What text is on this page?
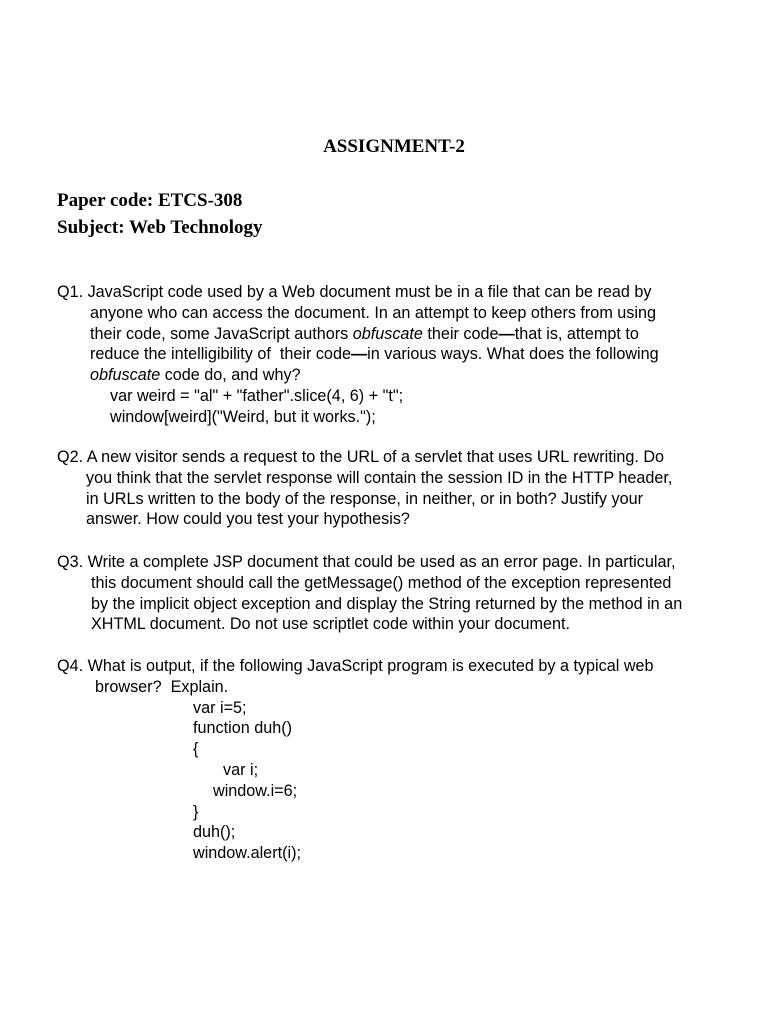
ASSIGNMENT-2
Paper code: ETCS-308
Subject: Web Technology
Q1. JavaScript code used by a Web document must be in a file that can be read by
anyone who can access the document. In an attempt to keep others from using
their code, some JavaScript authors obfuscate their code—that is, attempt to
reduce the intelligibility of  their code—in various ways. What does the following
obfuscate code do, and why?
var weird = "al" + "father".slice(4, 6) + "t";
window[weird]("Weird, but it works.");
Q2. A new visitor sends a request to the URL of a servlet that uses URL rewriting. Do
you think that the servlet response will contain the session ID in the HTTP header,
in URLs written to the body of the response, in neither, or in both? Justify your
answer. How could you test your hypothesis?
Q3. Write a complete JSP document that could be used as an error page. In particular,
this document should call the getMessage() method of the exception represented
by the implicit object exception and display the String returned by the method in an
XHTML document. Do not use scriptlet code within your document.
Q4. What is output, if the following JavaScript program is executed by a typical web
browser?  Explain.
var i=5;
function duh()
{
var i;
window.i=6;
}
duh();
window.alert(i);
